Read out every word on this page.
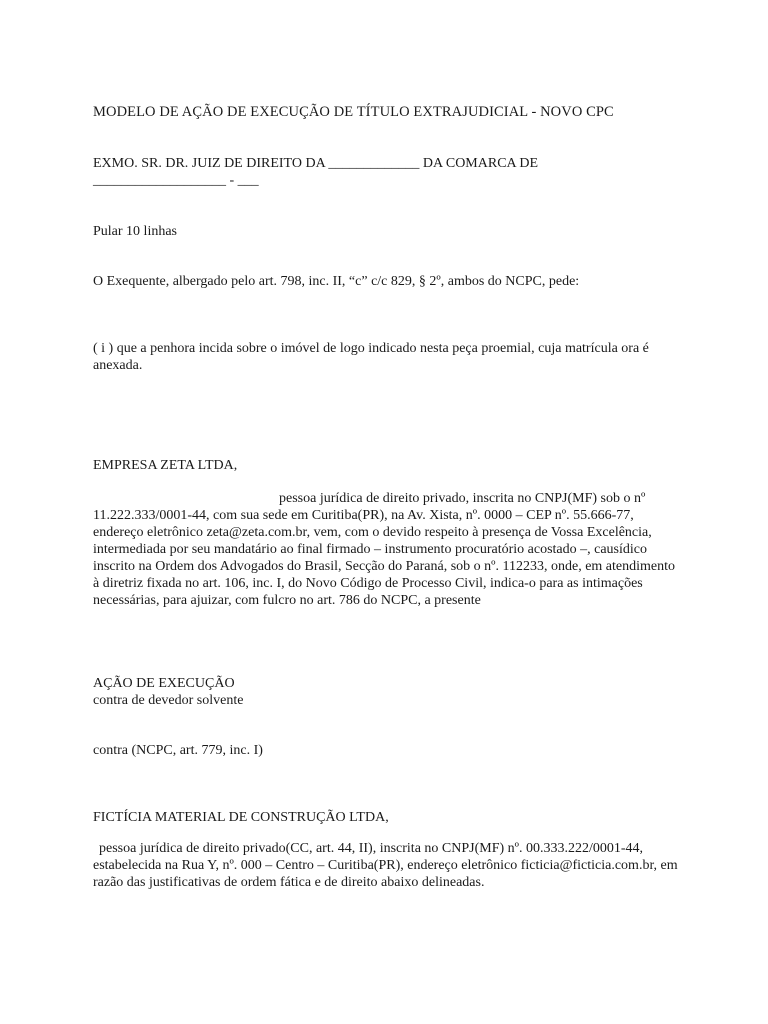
MODELO DE AÇÃO DE EXECUÇÃO DE TÍTULO EXTRAJUDICIAL - NOVO CPC
EXMO. SR. DR. JUIZ DE DIREITO DA _____________ DA COMARCA DE
___________________ - ___
Pular 10 linhas
O Exequente, albergado pelo art. 798, inc. II, “c” c/c 829, § 2º, ambos do NCPC, pede:
( i ) que a penhora incida sobre o imóvel de logo indicado nesta peça proemial, cuja matrícula ora é anexada.
EMPRESA ZETA LTDA,
pessoa jurídica de direito privado, inscrita no CNPJ(MF) sob o nº 11.222.333/0001-44, com sua sede em Curitiba(PR), na Av. Xista, nº. 0000 – CEP nº. 55.666-77, endereço eletrônico zeta@zeta.com.br, vem, com o devido respeito à presença de Vossa Excelência, intermediada por seu mandatário ao final firmado – instrumento procuratório acostado –, causídico inscrito na Ordem dos Advogados do Brasil, Secção do Paraná, sob o nº. 112233, onde, em atendimento à diretriz fixada no art. 106, inc. I, do Novo Código de Processo Civil, indica-o para as intimações necessárias, para ajuizar, com fulcro no art. 786 do NCPC, a presente
AÇÃO DE EXECUÇÃO
contra de devedor solvente
contra (NCPC, art. 779, inc. I)
FICTÍCIA MATERIAL DE CONSTRUÇÃO LTDA,
pessoa jurídica de direito privado(CC, art. 44, II), inscrita no CNPJ(MF) nº. 00.333.222/0001-44, estabelecida na Rua Y, nº. 000 – Centro – Curitiba(PR), endereço eletrônico ficticia@ficticia.com.br, em razão das justificativas de ordem fática e de direito abaixo delineadas.
